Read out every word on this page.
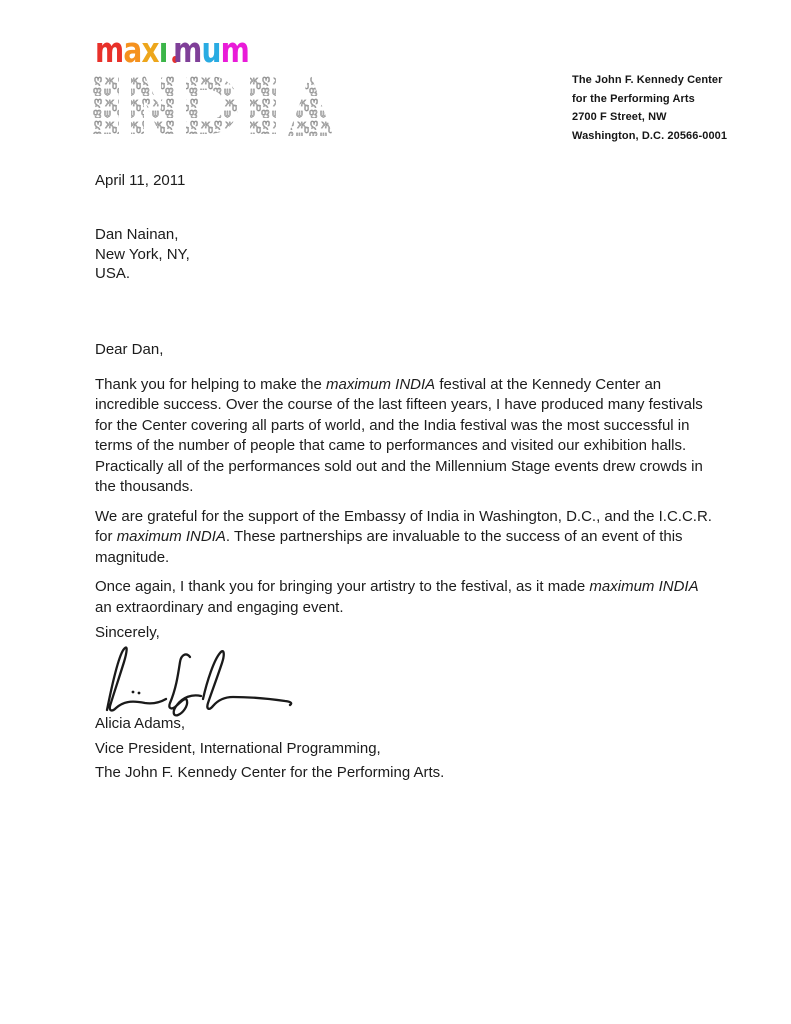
maxı mum
The John F. Kennedy Center
for the Performing Arts
2700 F Street, NW
Washington, D.C. 20566-0001
April 11, 2011
Dan Nainan,
New York, NY,
USA.

Dear Dan,

Thank you for helping to make the maximum INDIA festival at the Kennedy Center an incredible success. Over the course of the last fifteen years, I have produced many festivals for the Center covering all parts of world, and the India festival was the most successful in terms of the number of people that came to performances and visited our exhibition halls. Practically all of the performances sold out and the Millennium Stage events drew crowds in the thousands.

We are grateful for the support of the Embassy of India in Washington, D.C., and the I.C.C.R. for maximum INDIA. These partnerships are invaluable to the success of an event of this magnitude.

Once again, I thank you for bringing your artistry to the festival, as it made maximum INDIA an extraordinary and engaging event.

Sincerely,
Alicia Adams,
Vice President, International Programming,
The John F. Kennedy Center for the Performing Arts.
